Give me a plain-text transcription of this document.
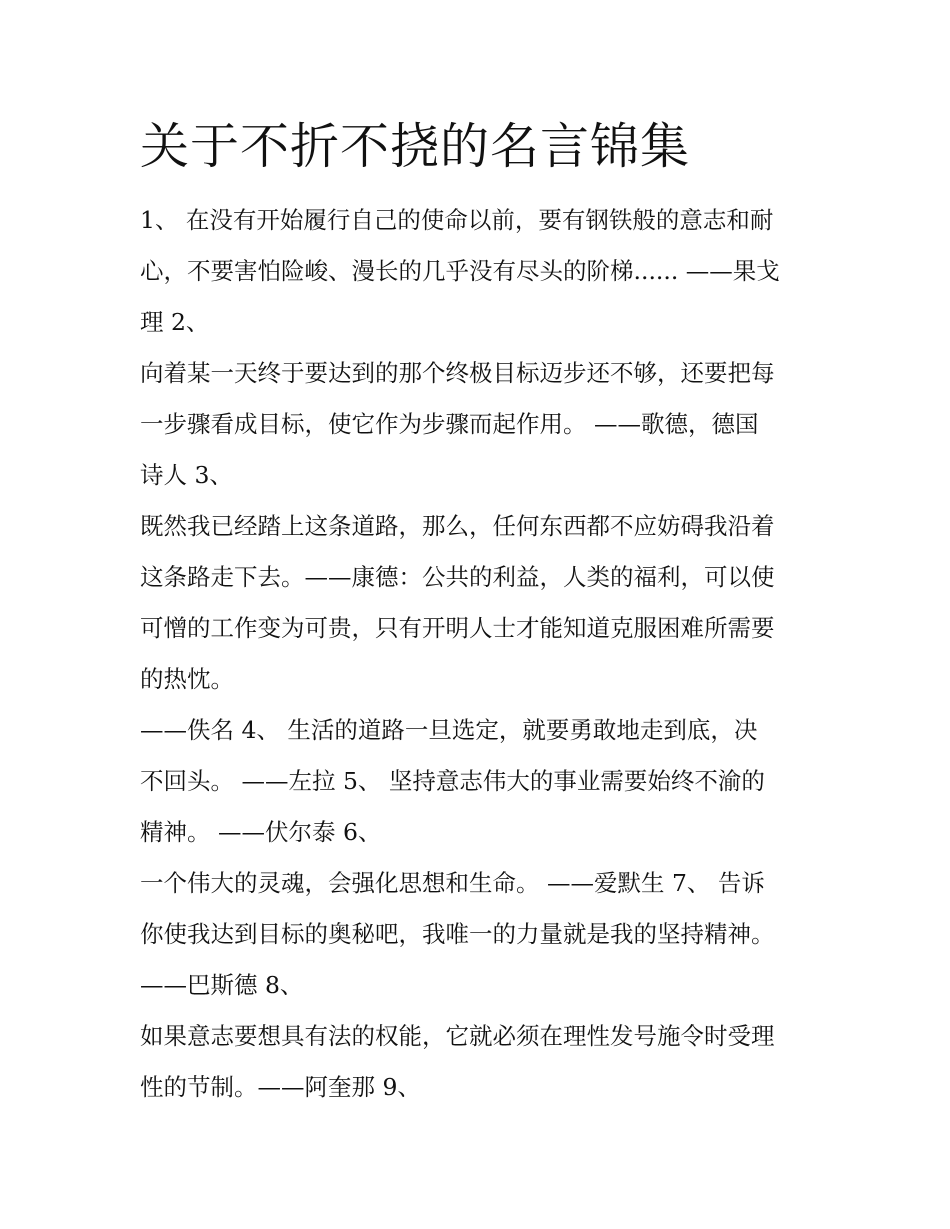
关于不折不挠的名言锦集
1、 在没有开始履行自己的使命以前，要有钢铁般的意志和耐
心，不要害怕险峻、漫长的几乎没有尽头的阶梯...... ——果戈
理 2、
向着某一天终于要达到的那个终极目标迈步还不够，还要把每
一步骤看成目标，使它作为步骤而起作用。 ——歌德，德国
诗人 3、
既然我已经踏上这条道路，那么，任何东西都不应妨碍我沿着
这条路走下去。——康德：公共的利益，人类的福利，可以使
可憎的工作变为可贵，只有开明人士才能知道克服困难所需要
的热忱。
——佚名 4、 生活的道路一旦选定，就要勇敢地走到底，决
不回头。 ——左拉 5、 坚持意志伟大的事业需要始终不渝的
精神。 ——伏尔泰 6、
一个伟大的灵魂，会强化思想和生命。 ——爱默生 7、 告诉
你使我达到目标的奥秘吧，我唯一的力量就是我的坚持精神。
——巴斯德 8、
如果意志要想具有法的权能，它就必须在理性发号施令时受理
性的节制。——阿奎那 9、
